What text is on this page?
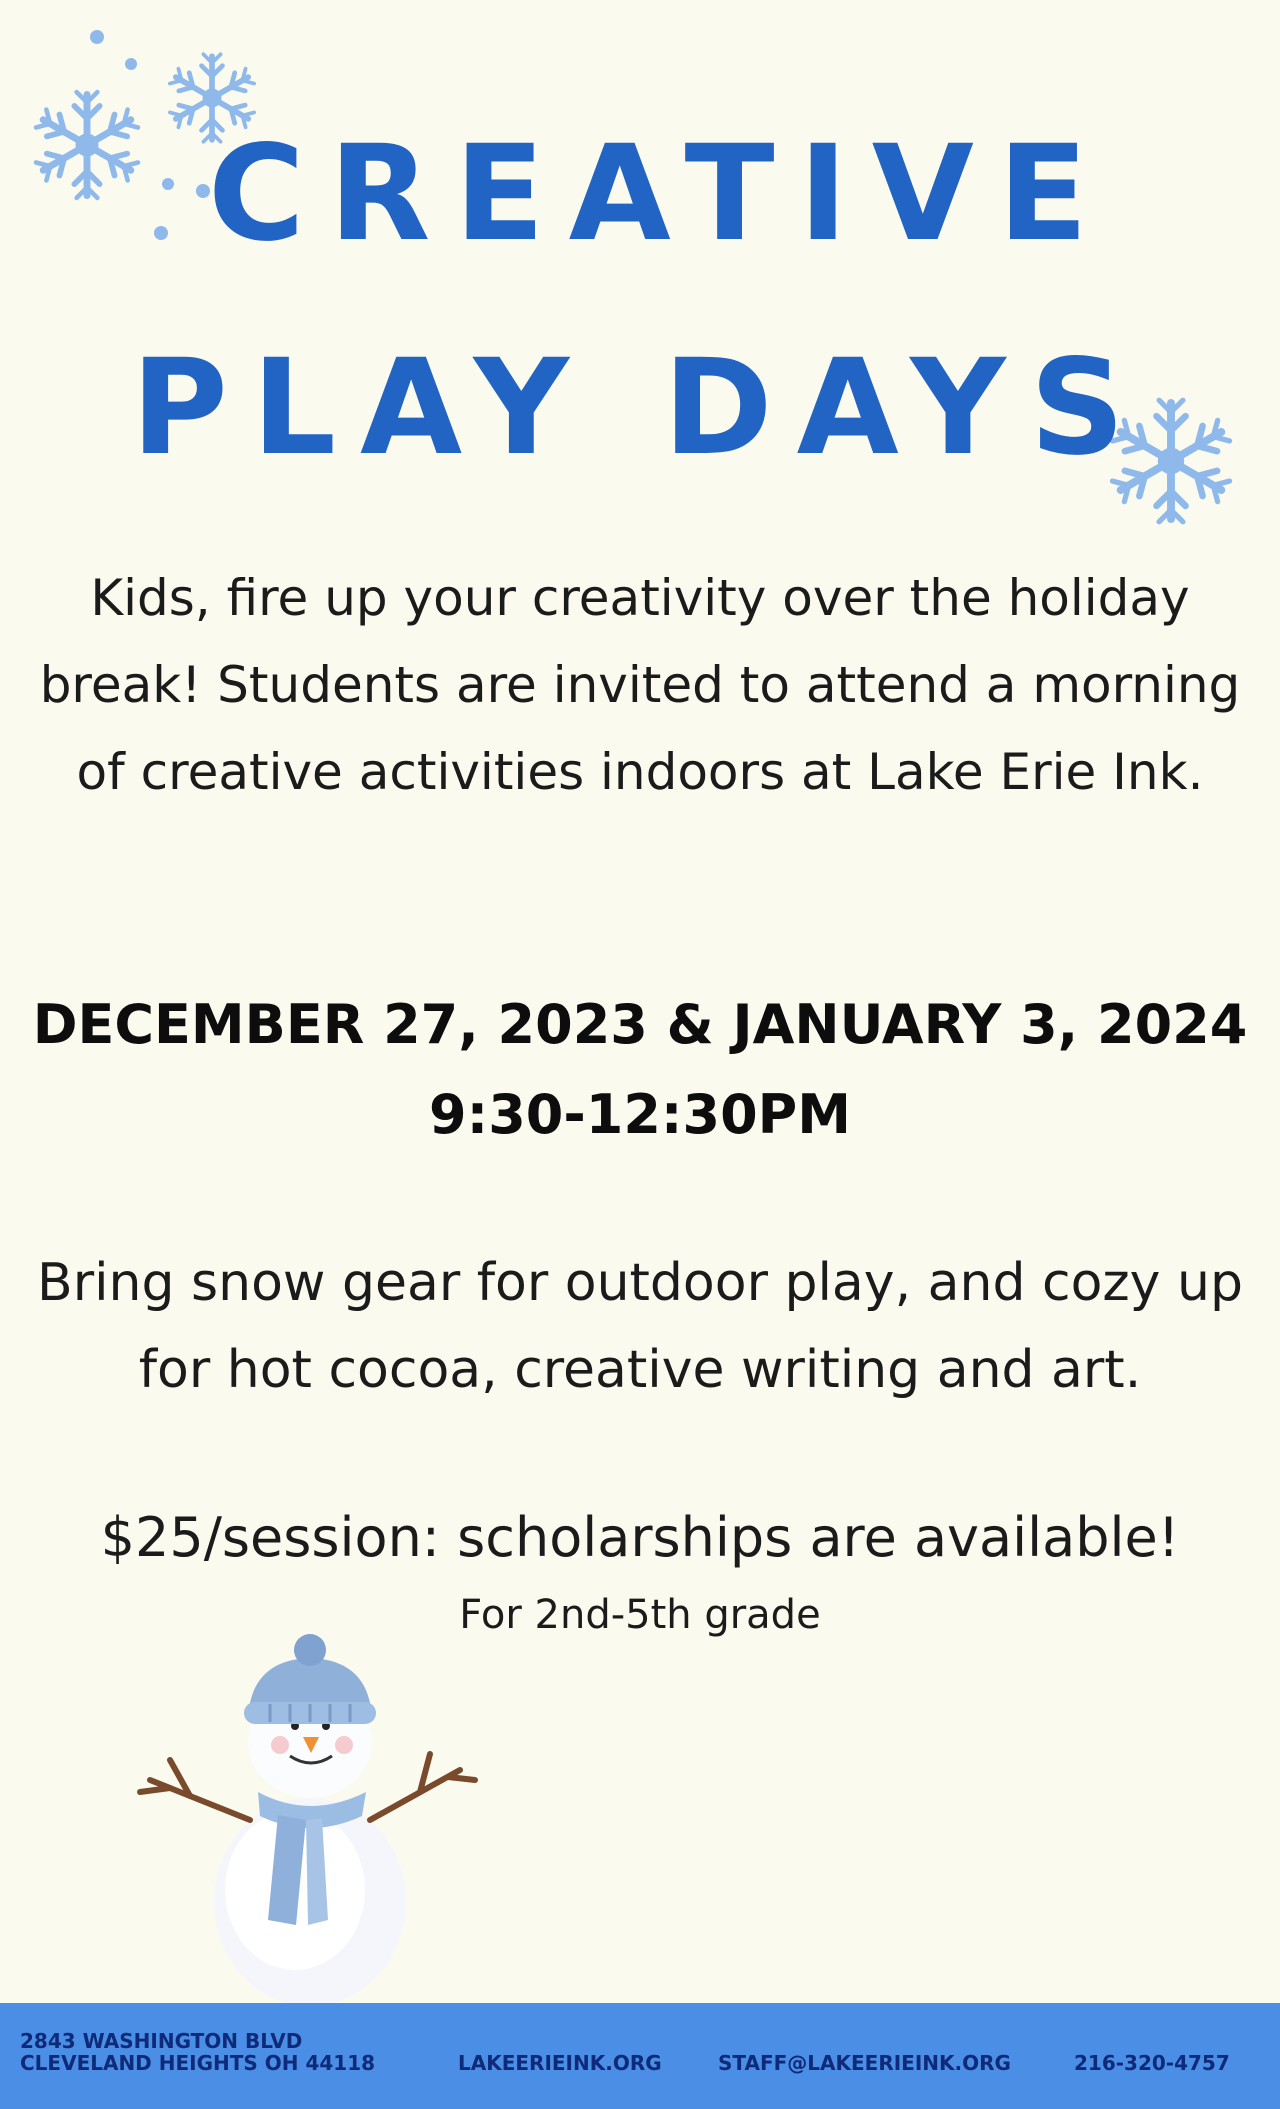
CREATIVE
PLAY DAYS
Kids, fire up your creativity over the holiday break! Students are invited to attend a morning of creative activities indoors at Lake Erie Ink.
DECEMBER 27, 2023 & JANUARY 3, 2024
9:30-12:30PM
Bring snow gear for outdoor play, and cozy up for hot cocoa, creative writing and art.
$25/session: scholarships are available!
For 2nd-5th grade
2843 WASHINGTON BLVD
CLEVELAND HEIGHTS OH 44118	LAKEERIEINK.ORG	STAFF@LAKEERIEINK.ORG	216-320-4757
